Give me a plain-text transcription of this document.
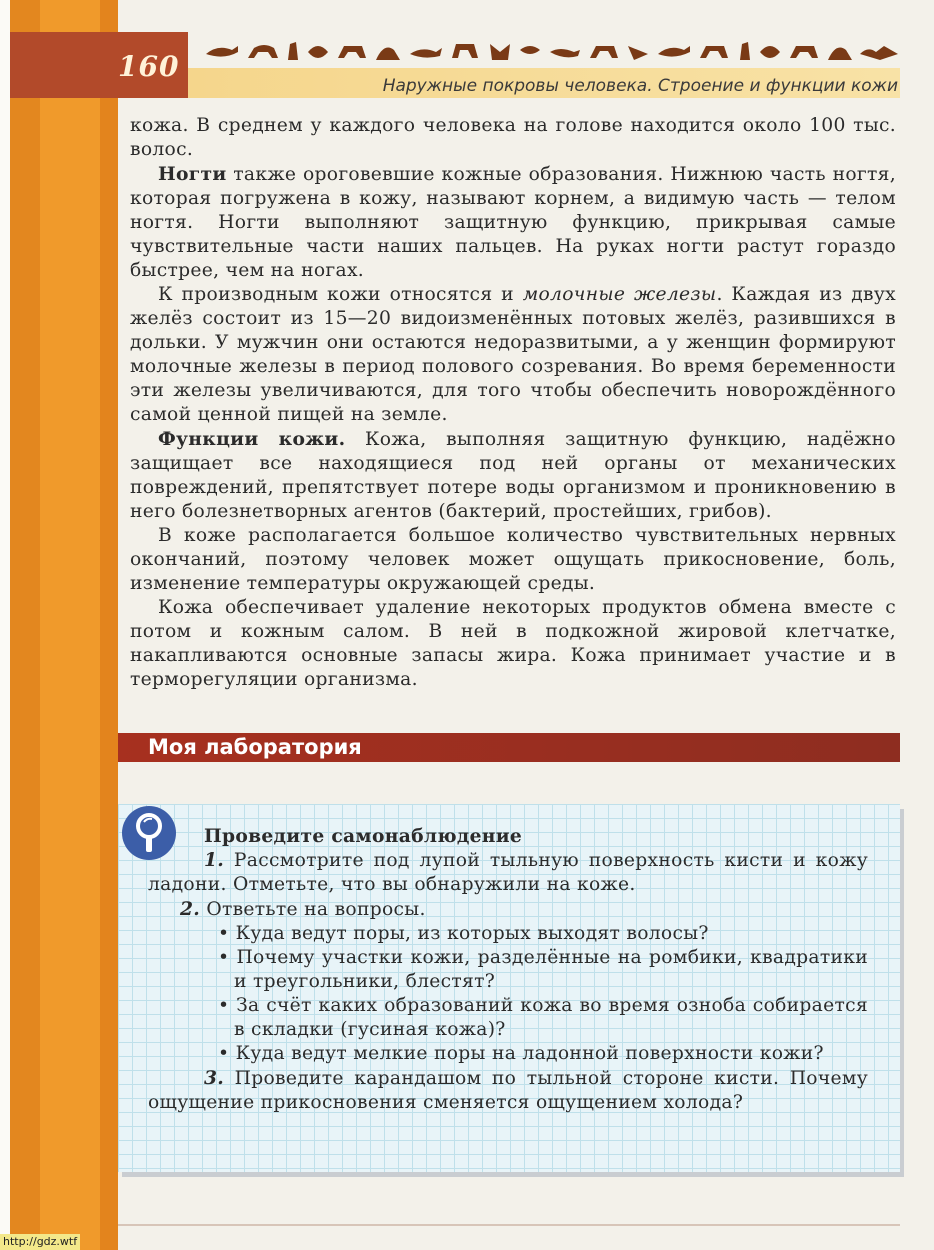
160
Наружные покровы человека. Строение и функции кожи

кожа. В среднем у каждого человека на голове находится около 100 тыс. волос.

Ногти также ороговевшие кожные образования. Нижнюю часть ногтя, которая погружена в кожу, называют корнем, а видимую часть — телом ногтя. Ногти выполняют защитную функцию, прикрывая самые чувствительные части наших пальцев. На руках ногти растут гораздо быстрее, чем на ногах.

К производным кожи относятся и молочные железы. Каждая из двух желёз состоит из 15—20 видоизменённых потовых желёз, разившихся в дольки. У мужчин они остаются недоразвитыми, а у женщин формируют молочные железы в период полового созревания. Во время беременности эти железы увеличиваются, для того чтобы обеспечить новорождённого самой ценной пищей на земле.

Функции кожи. Кожа, выполняя защитную функцию, надёжно защищает все находящиеся под ней органы от механических повреждений, препятствует потере воды организмом и проникновению в него болезнетворных агентов (бактерий, простейших, грибов).

В коже располагается большое количество чувствительных нервных окончаний, поэтому человек может ощущать прикосновение, боль, изменение температуры окружающей среды.

Кожа обеспечивает удаление некоторых продуктов обмена вместе с потом и кожным салом. В ней в подкожной жировой клетчатке, накапливаются основные запасы жира. Кожа принимает участие и в терморегуляции организма.

Моя лаборатория

Проведите самонаблюдение

1. Рассмотрите под лупой тыльную поверхность кисти и кожу ладони. Отметьте, что вы обнаружили на коже.

2. Ответьте на вопросы.

• Куда ведут поры, из которых выходят волосы?

• Почему участки кожи, разделённые на ромбики, квадратики и треугольники, блестят?

• За счёт каких образований кожа во время озноба собирается в складки (гусиная кожа)?

• Куда ведут мелкие поры на ладонной поверхности кожи?

3. Проведите карандашом по тыльной стороне кисти. Почему ощущение прикосновения сменяется ощущением холода?

http://gdz.wtf
